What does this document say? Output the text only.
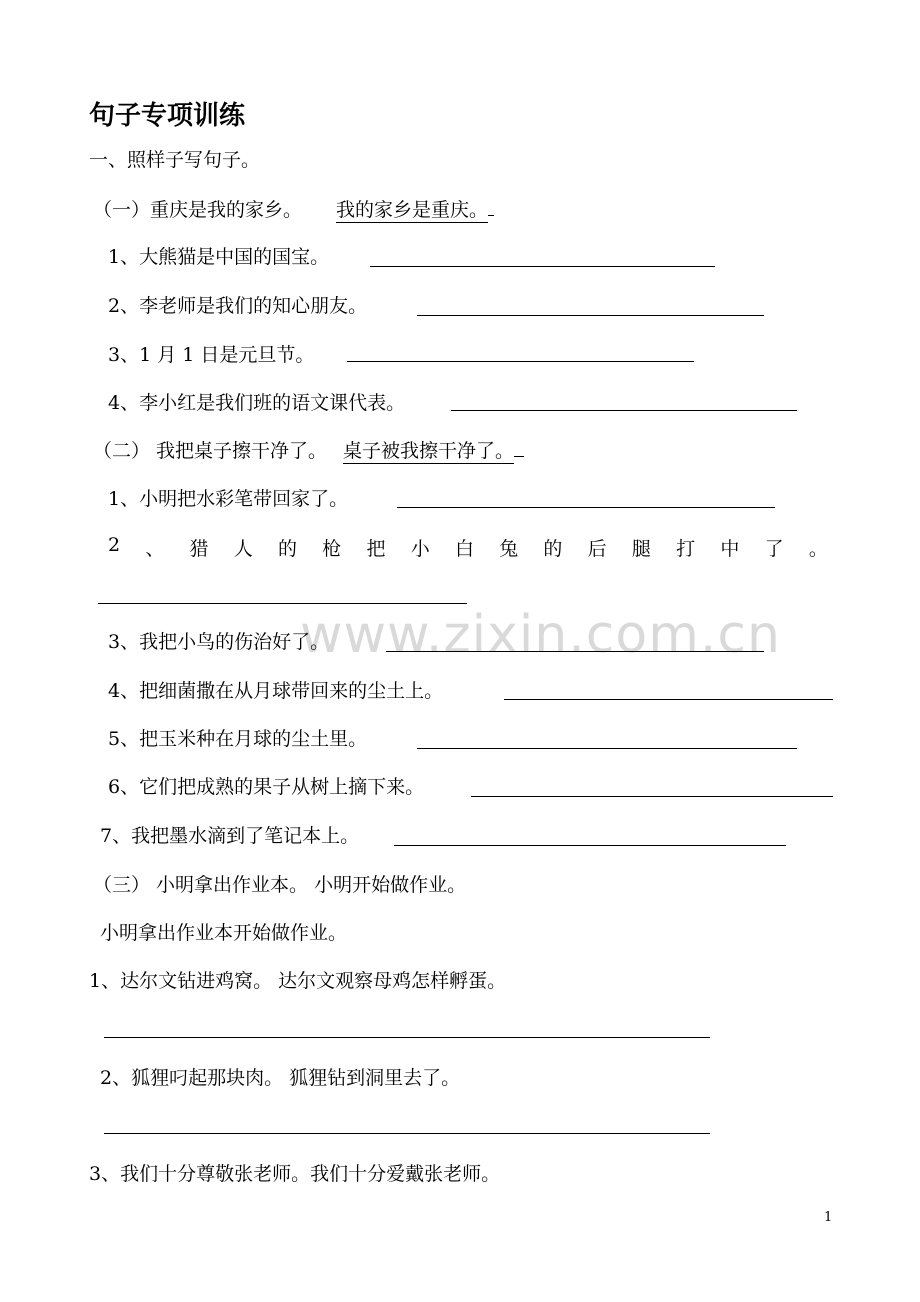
www.zixin.com.cn
句子专项训练
一、照样子写句子。
（一）重庆是我的家乡。 我的家乡是重庆。
1、大熊猫是中国的国宝。
2、李老师是我们的知心朋友。
3、1 月 1 日是元旦节。
4、李小红是我们班的语文课代表。
（二） 我把桌子擦干净了。 桌子被我擦干净了。
1、小明把水彩笔带回家了。
2 、 猎 人 的 枪 把 小 白 兔 的 后 腿 打 中 了 。
3、我把小鸟的伤治好了。
4、把细菌撒在从月球带回来的尘土上。
5、把玉米种在月球的尘土里。
6、它们把成熟的果子从树上摘下来。
7、我把墨水滴到了笔记本上。
（三） 小明拿出作业本。 小明开始做作业。
小明拿出作业本开始做作业。
1、达尔文钻进鸡窝。 达尔文观察母鸡怎样孵蛋。
2、狐狸叼起那块肉。 狐狸钻到洞里去了。
3、我们十分尊敬张老师。我们十分爱戴张老师。
1
